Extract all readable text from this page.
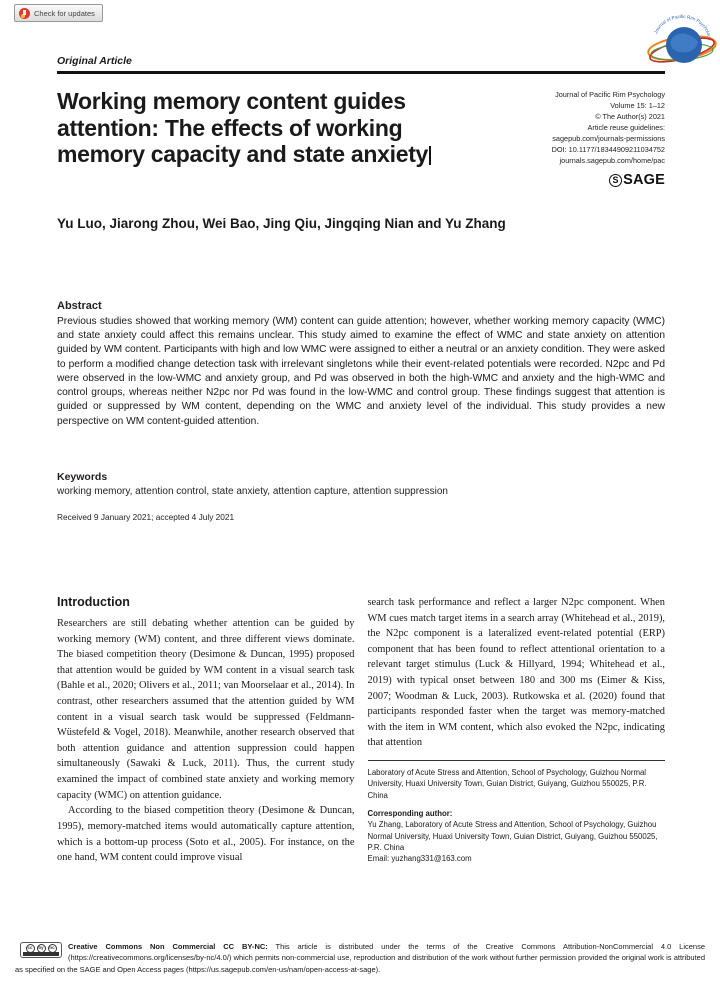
Check for updates
Journal of Pacific Rim Psychology
Original Article
Working memory content guides attention: The effects of working memory capacity and state anxiety
Journal of Pacific Rim Psychology
Volume 15: 1–12
© The Author(s) 2021
Article reuse guidelines:
sagepub.com/journals-permissions
DOI: 10.1177/18344909211034752
journals.sagepub.com/home/pac
S SAGE
Yu Luo, Jiarong Zhou, Wei Bao, Jing Qiu, Jingqing Nian and Yu Zhang
Abstract
Previous studies showed that working memory (WM) content can guide attention; however, whether working memory capacity (WMC) and state anxiety could affect this remains unclear. This study aimed to examine the effect of WMC and state anxiety on attention guided by WM content. Participants with high and low WMC were assigned to either a neutral or an anxiety condition. They were asked to perform a modified change detection task with irrelevant singletons while their event-related potentials were recorded. N2pc and Pd were observed in the low-WMC and anxiety group, and Pd was observed in both the high-WMC and anxiety and the high-WMC and control groups, whereas neither N2pc nor Pd was found in the low-WMC and control group. These findings suggest that attention is guided or suppressed by WM content, depending on the WMC and anxiety level of the individual. This study provides a new perspective on WM content-guided attention.
Keywords
working memory, attention control, state anxiety, attention capture, attention suppression
Received 9 January 2021; accepted 4 July 2021
Introduction

Researchers are still debating whether attention can be guided by working memory (WM) content, and three different views dominate. The biased competition theory (Desimone & Duncan, 1995) proposed that attention would be guided by WM content in a visual search task (Bahle et al., 2020; Olivers et al., 2011; van Moorselaar et al., 2014). In contrast, other researchers assumed that the attention guided by WM content in a visual search task would be suppressed (Feldmann-Wüstefeld & Vogel, 2018). Meanwhile, another research observed that both attention guidance and attention suppression could happen simultaneously (Sawaki & Luck, 2011). Thus, the current study examined the impact of combined state anxiety and working memory capacity (WMC) on attention guidance.

According to the biased competition theory (Desimone & Duncan, 1995), memory-matched items would automatically capture attention, which is a bottom-up process (Soto et al., 2005). For instance, on the one hand, WM content could improve visual

search task performance and reflect a larger N2pc component. When WM cues match target items in a search array (Whitehead et al., 2019), the N2pc component is a lateralized event-related potential (ERP) component that has been found to reflect attentional orientation to a relevant target stimulus (Luck & Hillyard, 1994; Whitehead et al., 2019) with typical onset between 180 and 300 ms (Eimer & Kiss, 2007; Woodman & Luck, 2003). Rutkowska et al. (2020) found that participants responded faster when the target was memory-matched with the item in WM content, which also evoked the N2pc, indicating that attention

Laboratory of Acute Stress and Attention, School of Psychology, Guizhou Normal University, Huaxi University Town, Guian District, Guiyang, Guizhou 550025, P.R. China
Corresponding author:
Yu Zhang, Laboratory of Acute Stress and Attention, School of Psychology, Guizhou Normal University, Huaxi University Town, Guian District, Guiyang, Guizhou 550025, P.R. China
Email: yuzhang331@163.com
cc	by	nc Creative Commons Non Commercial CC BY-NC: This article is distributed under the terms of the Creative Commons Attribution-NonCommercial 4.0 License (https://creativecommons.org/licenses/by-nc/4.0/) which permits non-commercial use, reproduction and distribution of the work without further permission provided the original work is attributed as specified on the SAGE and Open Access pages (https://us.sagepub.com/en-us/nam/open-access-at-sage).
